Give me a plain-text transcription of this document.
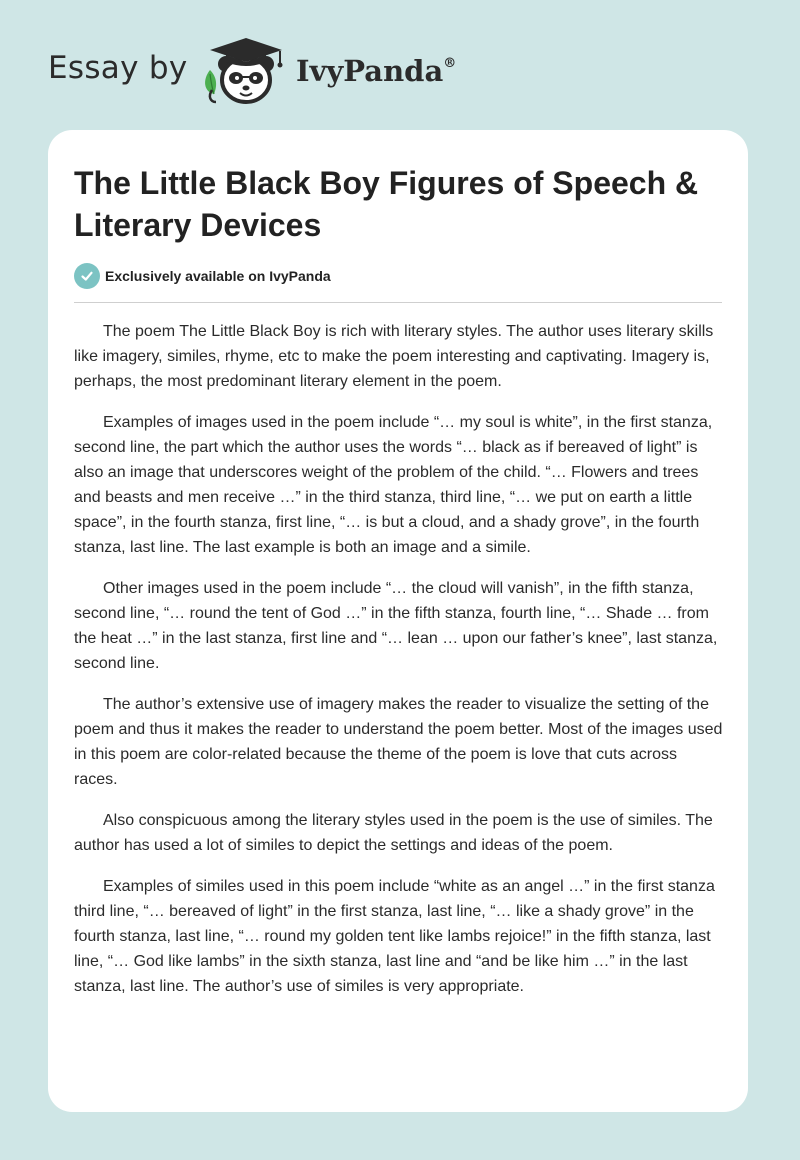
Essay by	IvyPanda®
The Little Black Boy Figures of Speech & Literary Devices
Exclusively available on IvyPanda

The poem The Little Black Boy is rich with literary styles. The author uses literary skills like imagery, similes, rhyme, etc to make the poem interesting and captivating. Imagery is, perhaps, the most predominant literary element in the poem.

Examples of images used in the poem include “… my soul is white”, in the first stanza, second line, the part which the author uses the words “… black as if bereaved of light” is also an image that underscores weight of the problem of the child. “… Flowers and trees and beasts and men receive …” in the third stanza, third line, “… we put on earth a little space”, in the fourth stanza, first line, “… is but a cloud, and a shady grove”, in the fourth stanza, last line. The last example is both an image and a simile.

Other images used in the poem include “… the cloud will vanish”, in the fifth stanza, second line, “… round the tent of God …” in the fifth stanza, fourth line, “… Shade … from the heat …” in the last stanza, first line and “… lean … upon our father’s knee”, last stanza, second line.

The author’s extensive use of imagery makes the reader to visualize the setting of the poem and thus it makes the reader to understand the poem better. Most of the images used in this poem are color-related because the theme of the poem is love that cuts across races.

Also conspicuous among the literary styles used in the poem is the use of similes. The author has used a lot of similes to depict the settings and ideas of the poem.

Examples of similes used in this poem include “white as an angel …” in the first stanza third line, “… bereaved of light” in the first stanza, last line, “… like a shady grove” in the fourth stanza, last line, “… round my golden tent like lambs rejoice!” in the fifth stanza, last line, “… God like lambs” in the sixth stanza, last line and “and be like him …” in the last stanza, last line. The author’s use of similes is very appropriate.
